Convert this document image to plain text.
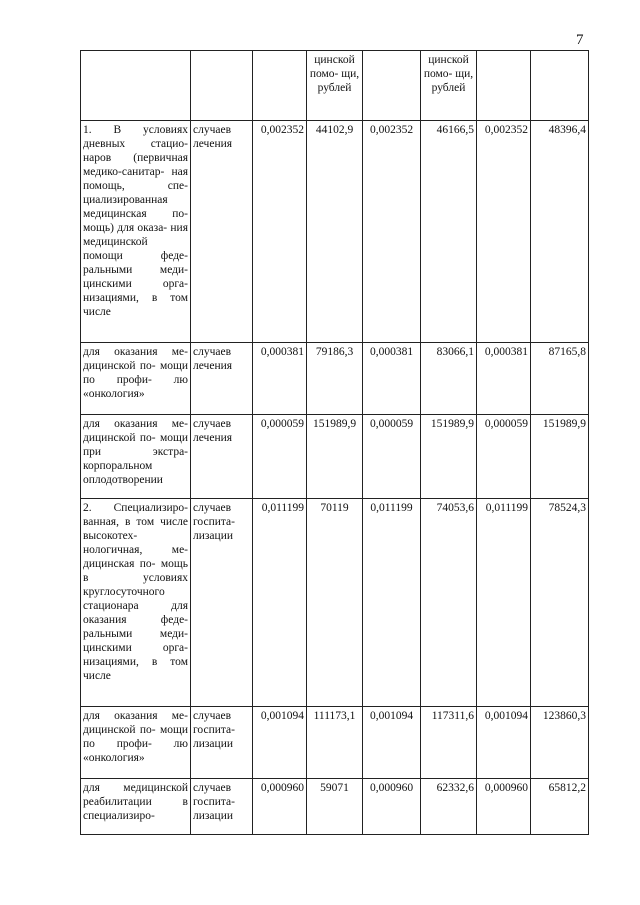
7
			цинской помо- щи, рублей		цинской помо- щи, рублей		
1. В условиях дневных стацио- наров (первичная медико-санитар- ная помощь, спе- циализированная медицинская по- мощь) для оказа- ния медицинской помощи феде- ральными меди- цинскими орга- низациями, в том числе	случаев лечения	0,002352	44102,9	0,002352	46166,5	0,002352	48396,4
для оказания ме- дицинской по- мощи по профи- лю «онкология»	случаев лечения	0,000381	79186,3	0,000381	83066,1	0,000381	87165,8
для оказания ме- дицинской по- мощи при экстра- корпоральном оплодотворении	случаев лечения	0,000059	151989,9	0,000059	151989,9	0,000059	151989,9
2. Специализиро- ванная, в том числе высокотех- нологичная, ме- дицинская по- мощь в условиях круглосуточного стационара для оказания феде- ральными меди- цинскими орга- низациями, в том числе	случаев госпита- лизации	0,011199	70119	0,011199	74053,6	0,011199	78524,3
для оказания ме- дицинской по- мощи по профи- лю «онкология»	случаев госпита- лизации	0,001094	111173,1	0,001094	117311,6	0,001094	123860,3
для медицинской реабилитации в специализиро-	случаев госпита- лизации	0,000960	59071	0,000960	62332,6	0,000960	65812,2
